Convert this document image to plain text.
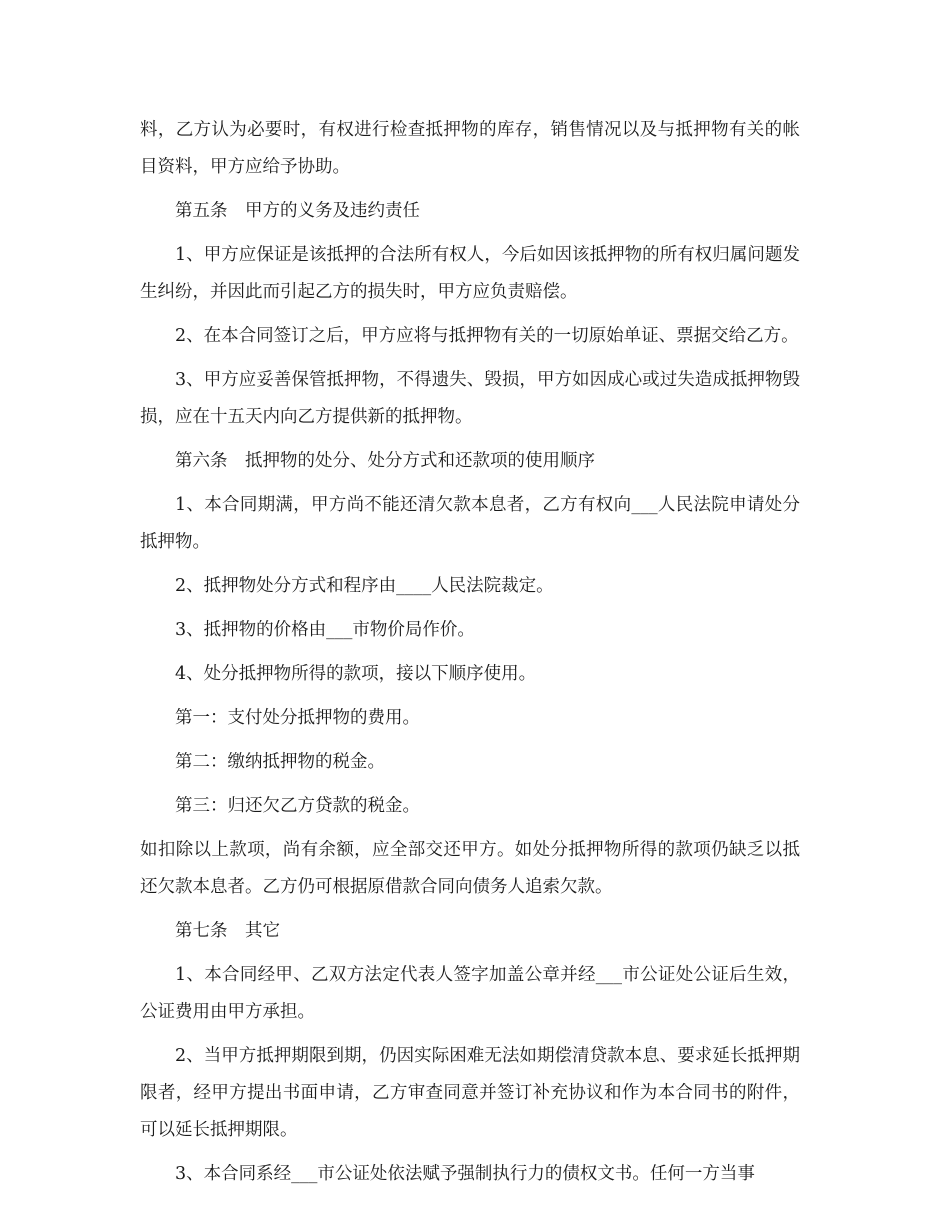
料，乙方认为必要时，有权进行检查抵押物的库存，销售情况以及与抵押物有关的帐目资料，甲方应给予协助。

第五条　甲方的义务及违约责任

1、甲方应保证是该抵押的合法所有权人，今后如因该抵押物的所有权归属问题发生纠纷，并因此而引起乙方的损失时，甲方应负责赔偿。

2、在本合同签订之后，甲方应将与抵押物有关的一切原始单证、票据交给乙方。

3、甲方应妥善保管抵押物，不得遗失、毁损，甲方如因成心或过失造成抵押物毁损，应在十五天内向乙方提供新的抵押物。

第六条　抵押物的处分、处分方式和还款项的使用顺序

1、本合同期满，甲方尚不能还清欠款本息者，乙方有权向___人民法院申请处分抵押物。

2、抵押物处分方式和程序由____人民法院裁定。

3、抵押物的价格由___市物价局作价。

4、处分抵押物所得的款项，接以下顺序使用。

第一：支付处分抵押物的费用。

第二：缴纳抵押物的税金。

第三：归还欠乙方贷款的税金。

如扣除以上款项，尚有余额，应全部交还甲方。如处分抵押物所得的款项仍缺乏以抵还欠款本息者。乙方仍可根据原借款合同向债务人追索欠款。

第七条　其它

1、本合同经甲、乙双方法定代表人签字加盖公章并经___市公证处公证后生效，公证费用由甲方承担。

2、当甲方抵押期限到期，仍因实际困难无法如期偿清贷款本息、要求延长抵押期限者，经甲方提出书面申请，乙方审查同意并签订补充协议和作为本合同书的附件，可以延长抵押期限。

3、本合同系经___市公证处依法赋予强制执行力的债权文书。任何一方当事
